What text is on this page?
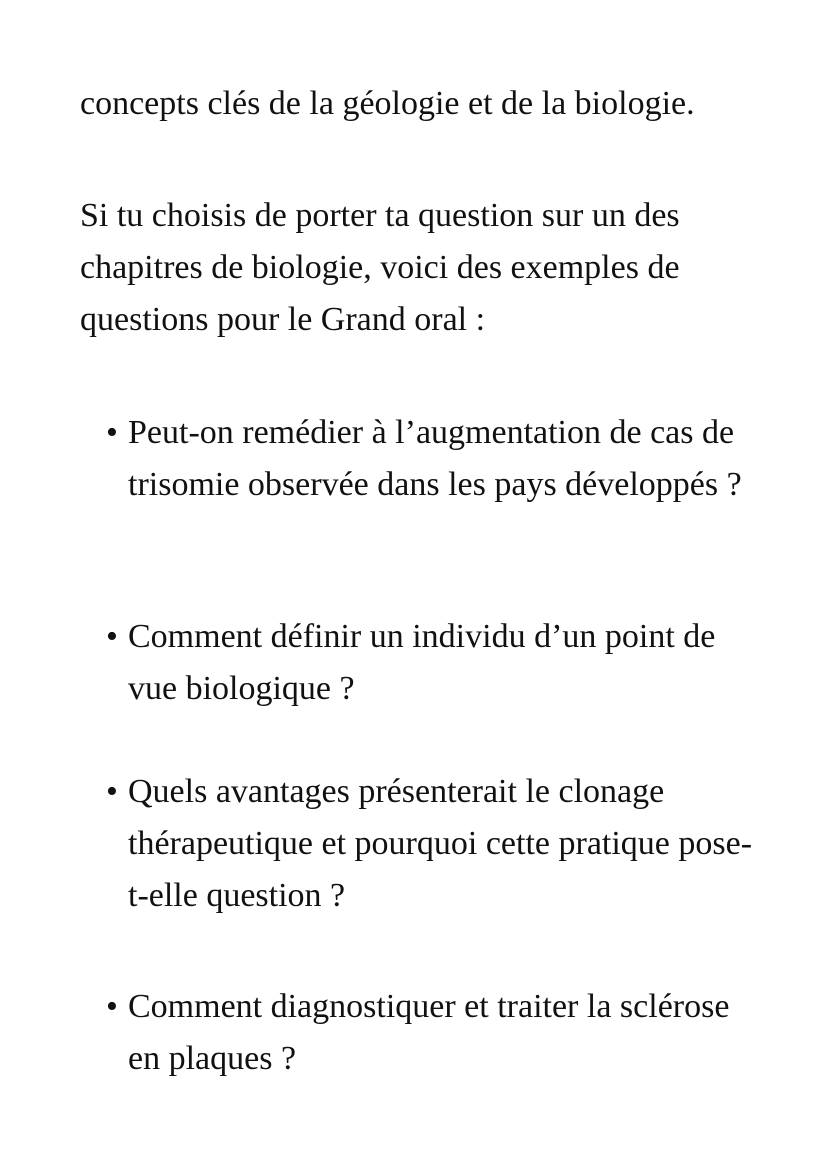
concepts clés de la géologie et de la biologie.

Si tu choisis de porter ta question sur un des chapitres de biologie, voici des exemples de questions pour le Grand oral :

• Peut-on remédier à l’augmentation de cas de trisomie observée dans les pays développés ?
• Comment définir un individu d’un point de vue biologique ?
• Quels avantages présenterait le clonage thérapeutique et pourquoi cette pratique pose-t-elle question ?
• Comment diagnostiquer et traiter la sclérose en plaques ?
